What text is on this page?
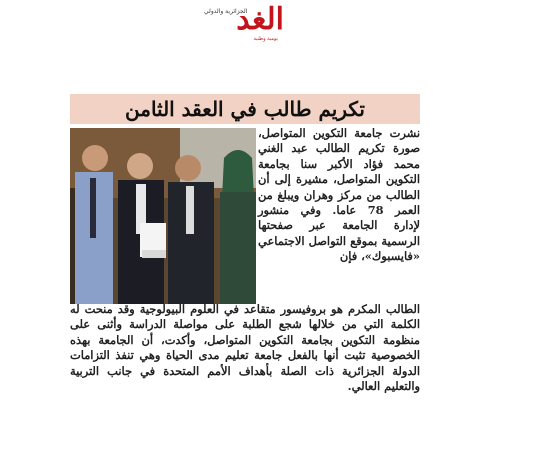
الجزائرية والدولي
الغد
يومية وطنية
تكريم طالب في العقد الثامن
نشرت جامعة التكوين المتواصل، صورة تكريم الطالب عبد الغني محمد فؤاد الأكبر سنا بجامعة التكوين المتواصل، مشيرة إلى أن الطالب من مركز وهران ويبلغ من العمر 78 عاما. وفي منشور لإدارة الجامعة عبر صفحتها الرسمية بموقع التواصل الاجتماعي «فايسبوك»، فإن
الطالب المكرم هو بروفيسور متقاعد في العلوم البيولوجية وقد منحت له الكلمة التي من خلالها شجع الطلبة على مواصلة الدراسة وأثنى على منظومة التكوين بجامعة التكوين المتواصل، وأكدت، أن الجامعة بهذه الخصوصية تثبت أنها بالفعل جامعة تعليم مدى الحياة وهي تنفذ التزامات الدولة الجزائرية ذات الصلة بأهداف الأمم المتحدة في جانب التربية والتعليم العالي.
